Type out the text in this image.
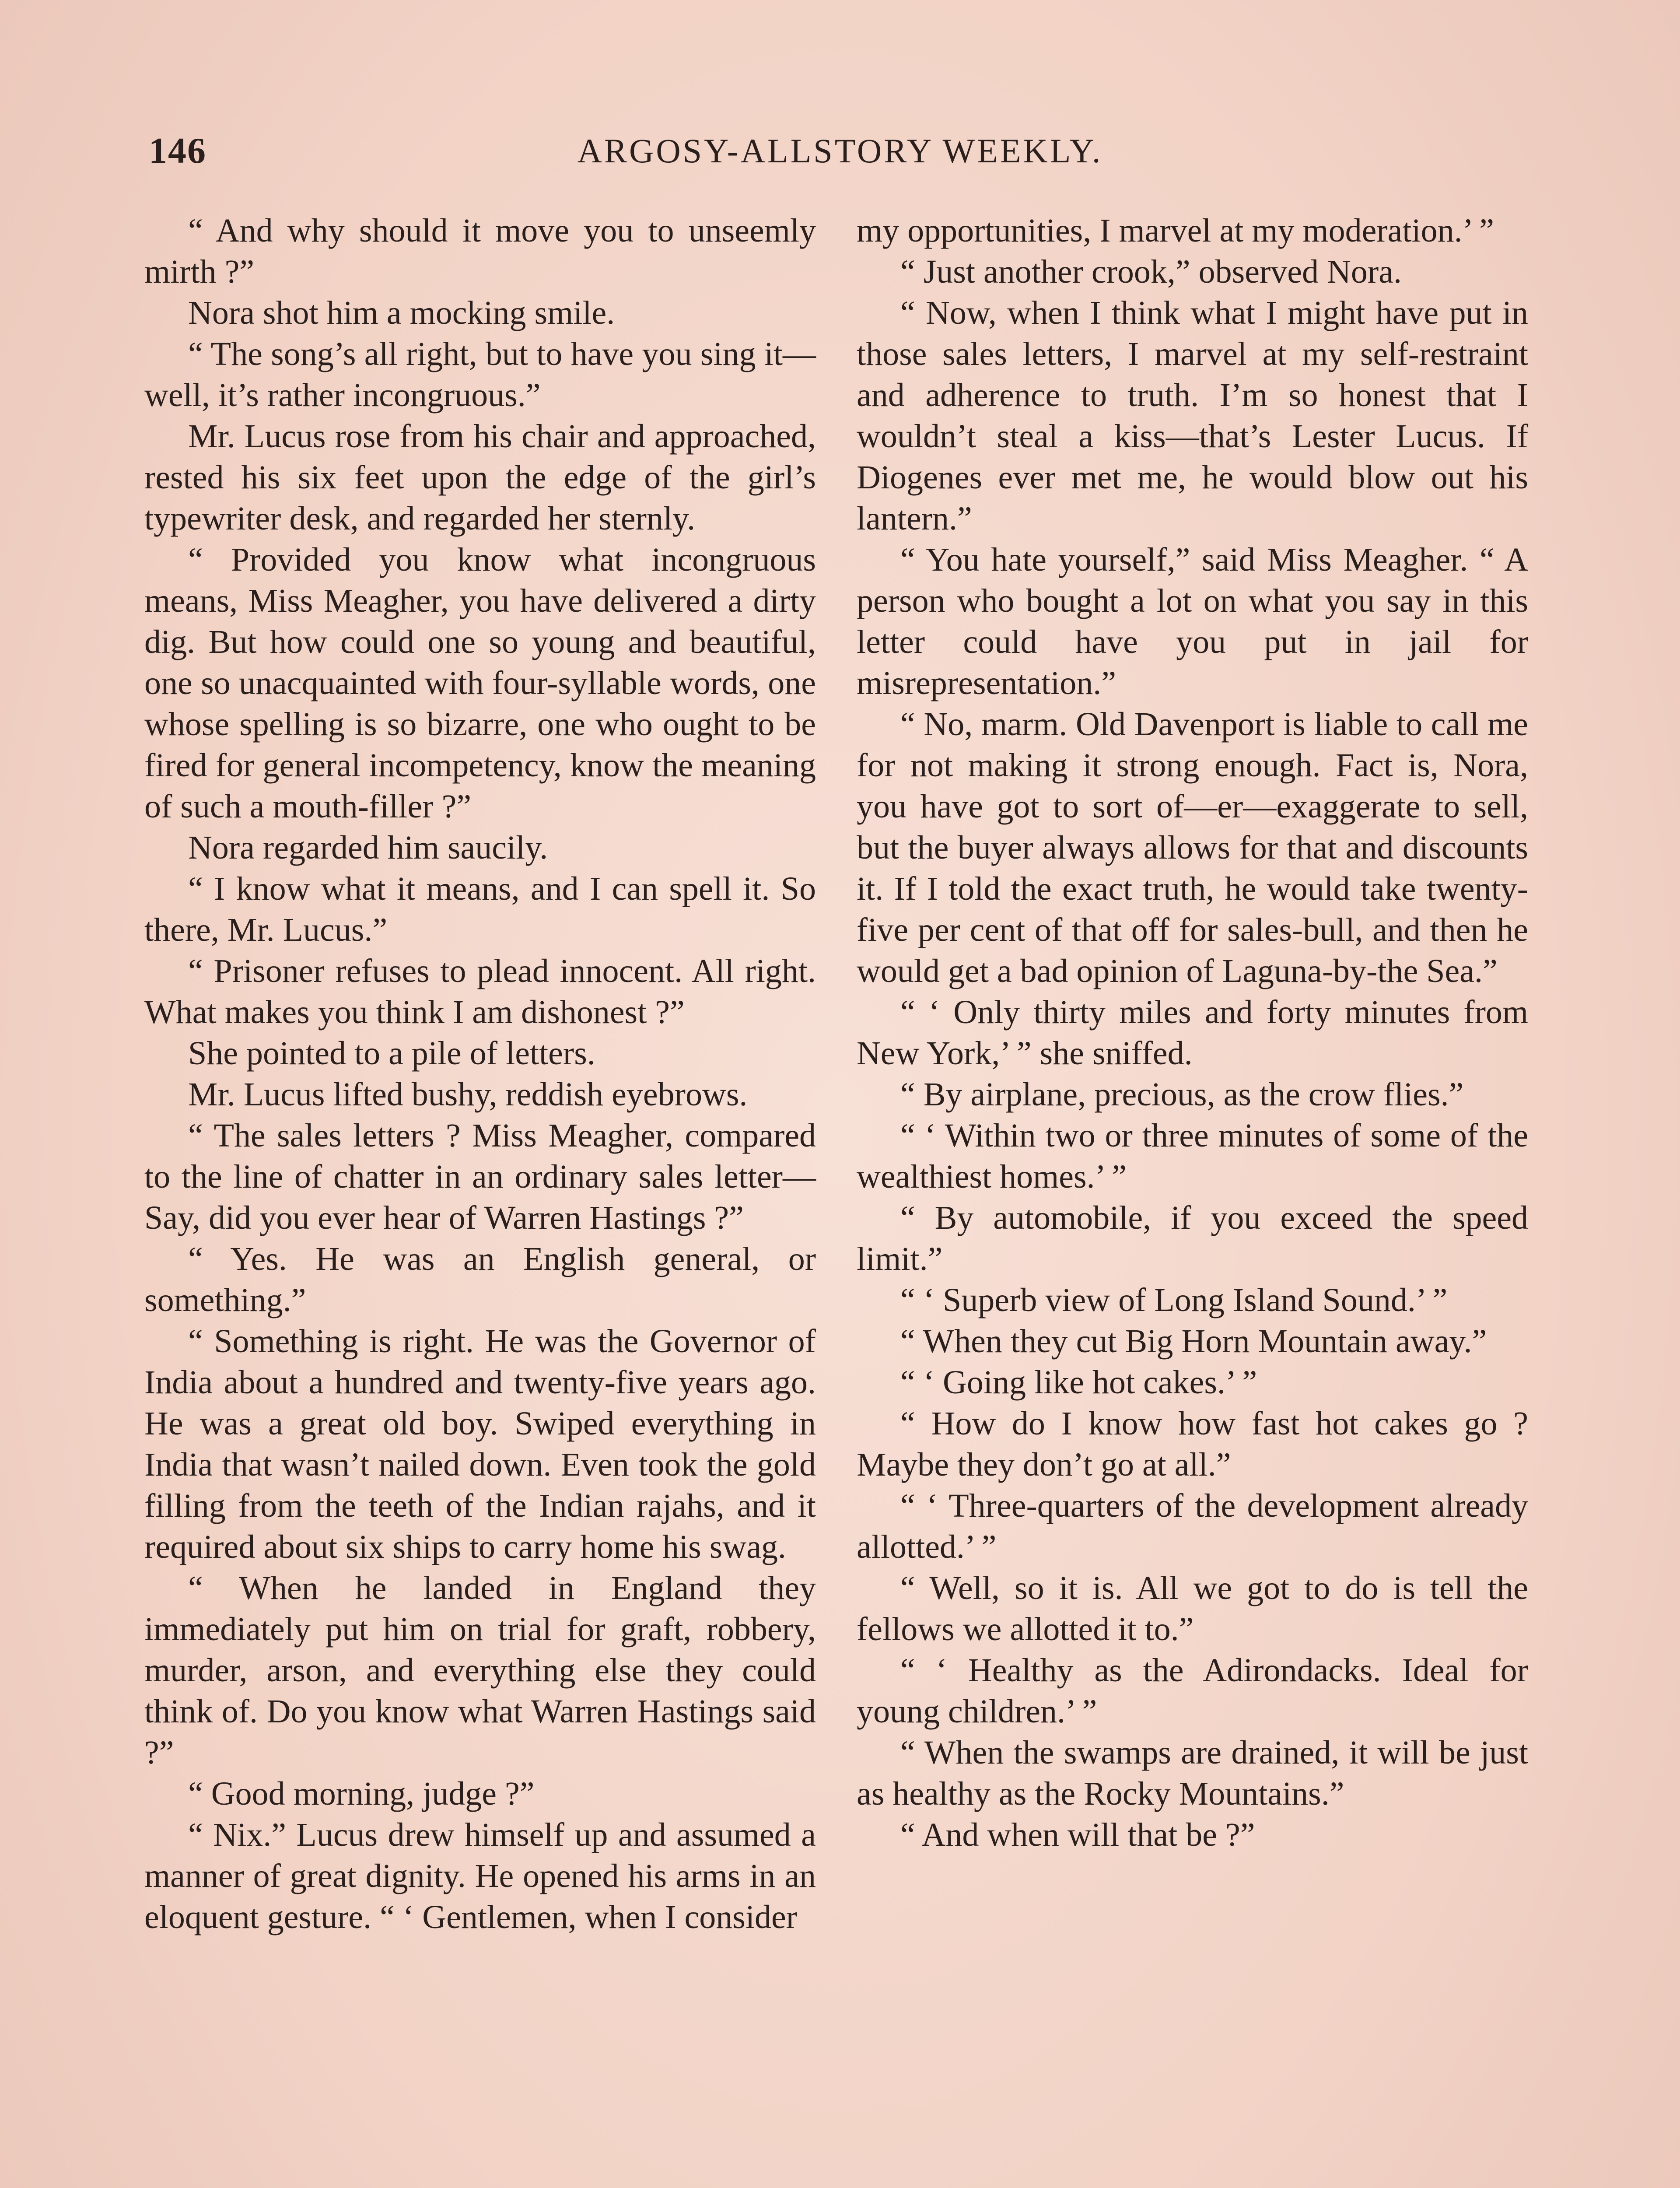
146	ARGOSY-ALLSTORY WEEKLY.

“ And why should it move you to unseemly mirth ?”

Nora shot him a mocking smile.

“ The song’s all right, but to have you sing it—well, it’s rather incongruous.”

Mr. Lucus rose from his chair and approached, rested his six feet upon the edge of the girl’s typewriter desk, and regarded her sternly.

“ Provided you know what incongruous means, Miss Meagher, you have delivered a dirty dig. But how could one so young and beautiful, one so unacquainted with four-syllable words, one whose spelling is so bizarre, one who ought to be fired for general incompetency, know the meaning of such a mouth-filler ?”

Nora regarded him saucily.

“ I know what it means, and I can spell it. So there, Mr. Lucus.”

“ Prisoner refuses to plead innocent. All right. What makes you think I am dishonest ?”

She pointed to a pile of letters.

Mr. Lucus lifted bushy, reddish eyebrows.

“ The sales letters ? Miss Meagher, compared to the line of chatter in an ordinary sales letter— Say, did you ever hear of Warren Hastings ?”

“ Yes. He was an English general, or something.”

“ Something is right. He was the Governor of India about a hundred and twenty-five years ago. He was a great old boy. Swiped everything in India that wasn’t nailed down. Even took the gold filling from the teeth of the Indian rajahs, and it required about six ships to carry home his swag.

“ When he landed in England they immediately put him on trial for graft, robbery, murder, arson, and everything else they could think of. Do you know what Warren Hastings said ?”

“ Good morning, judge ?”

“ Nix.” Lucus drew himself up and assumed a manner of great dignity. He opened his arms in an eloquent gesture. “ ‘ Gentlemen, when I consider

my opportunities, I marvel at my moderation.’ ”

“ Just another crook,” observed Nora.

“ Now, when I think what I might have put in those sales letters, I marvel at my self-restraint and adherence to truth. I’m so honest that I wouldn’t steal a kiss—that’s Lester Lucus. If Diogenes ever met me, he would blow out his lantern.”

“ You hate yourself,” said Miss Meagher. “ A person who bought a lot on what you say in this letter could have you put in jail for misrepresentation.”

“ No, marm. Old Davenport is liable to call me for not making it strong enough. Fact is, Nora, you have got to sort of—er—exaggerate to sell, but the buyer always allows for that and discounts it. If I told the exact truth, he would take twenty-five per cent of that off for sales-bull, and then he would get a bad opinion of Laguna-by-the Sea.”

“ ‘ Only thirty miles and forty minutes from New York,’ ” she sniffed.

“ By airplane, precious, as the crow flies.”

“ ‘ Within two or three minutes of some of the wealthiest homes.’ ”

“ By automobile, if you exceed the speed limit.”

“ ‘ Superb view of Long Island Sound.’ ”

“ When they cut Big Horn Mountain away.”

“ ‘ Going like hot cakes.’ ”

“ How do I know how fast hot cakes go ? Maybe they don’t go at all.”

“ ‘ Three-quarters of the development already allotted.’ ”

“ Well, so it is. All we got to do is tell the fellows we allotted it to.”

“ ‘ Healthy as the Adirondacks. Ideal for young children.’ ”

“ When the swamps are drained, it will be just as healthy as the Rocky Mountains.”

“ And when will that be ?”
